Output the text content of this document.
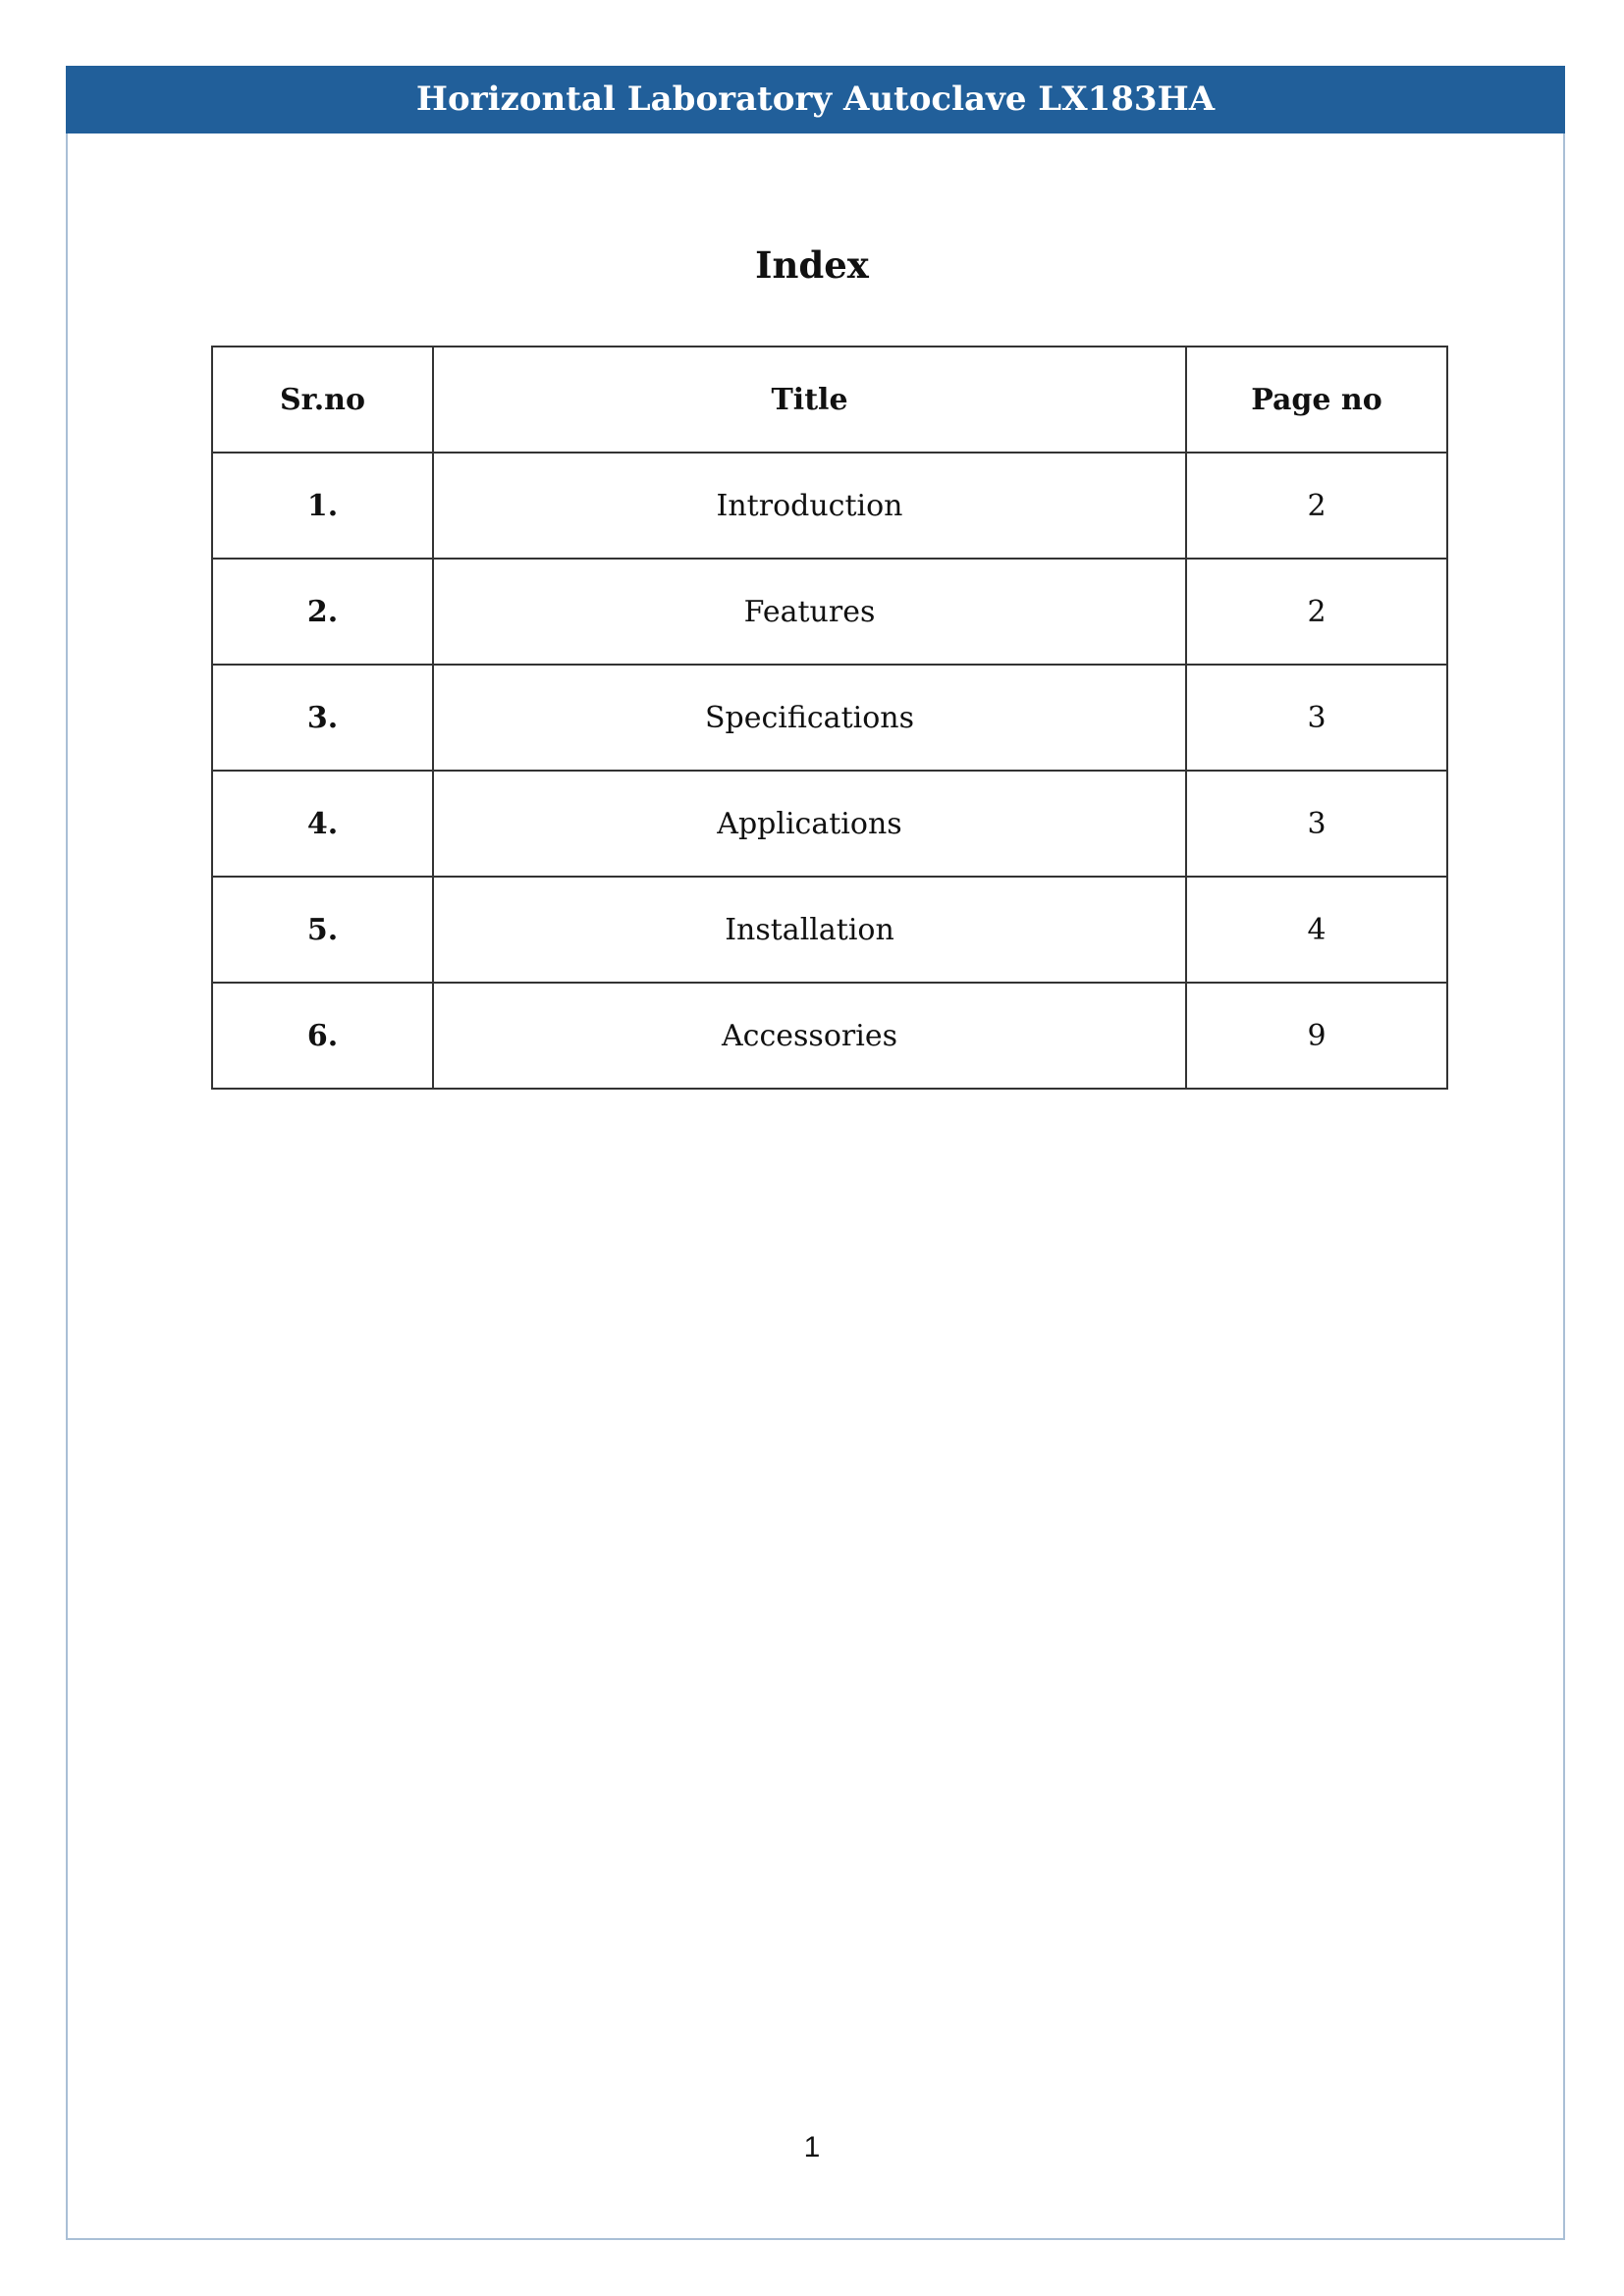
Horizontal Laboratory Autoclave LX183HA
Index
Sr.no	Title	Page no
1.	Introduction	2
2.	Features	2
3.	Specifications	3
4.	Applications	3
5.	Installation	4
6.	Accessories	9
1
